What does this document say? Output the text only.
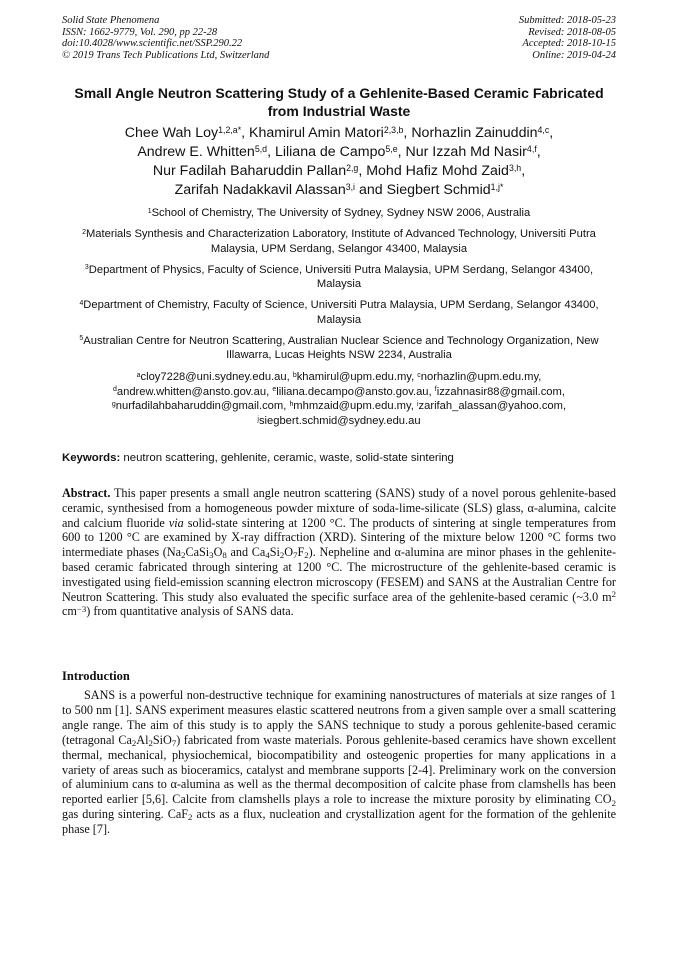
Solid State Phenomena
ISSN: 1662-9779, Vol. 290, pp 22-28
doi:10.4028/www.scientific.net/SSP.290.22
© 2019 Trans Tech Publications Ltd, Switzerland
Submitted: 2018-05-23
Revised: 2018-08-05
Accepted: 2018-10-15
Online: 2019-04-24
Small Angle Neutron Scattering Study of a Gehlenite-Based Ceramic Fabricated from Industrial Waste
Chee Wah Loy$^{1,2,a*}$, Khamirul Amin Matori$^{2,3,b}$, Norhazlin Zainuddin$^{4,c}$,
Andrew E. Whitten$^{5,d}$, Liliana de Campo$^{5,e}$, Nur Izzah Md Nasir$^{4,f}$,
Nur Fadilah Baharuddin Pallan$^{2,g}$, Mohd Hafiz Mohd Zaid$^{3,h}$,
Zarifah Nadakkavil Alassan$^{3,i}$ and Siegbert Schmid$^{1,j*}$
$^1$School of Chemistry, The University of Sydney, Sydney NSW 2006, Australia
$^2$Materials Synthesis and Characterization Laboratory, Institute of Advanced Technology, Universiti Putra Malaysia, UPM Serdang, Selangor 43400, Malaysia
$^3$Department of Physics, Faculty of Science, Universiti Putra Malaysia, UPM Serdang, Selangor 43400, Malaysia
$^4$Department of Chemistry, Faculty of Science, Universiti Putra Malaysia, UPM Serdang, Selangor 43400, Malaysia
$^5$Australian Centre for Neutron Scattering, Australian Nuclear Science and Technology Organization, New Illawarra, Lucas Heights NSW 2234, Australia
$^a$cloy7228@uni.sydney.edu.au, $^b$khamirul@upm.edu.my, $^c$norhazlin@upm.edu.my,
$^d$andrew.whitten@ansto.gov.au, $^e$liliana.decampo@ansto.gov.au, $^f$izzahnasir88@gmail.com,
$^g$nurfadilahbaharuddin@gmail.com, $^h$mhmzaid@upm.edu.my, $^i$zarifah_alassan@yahoo.com,
$^j$siegbert.schmid@sydney.edu.au
Keywords: neutron scattering, gehlenite, ceramic, waste, solid-state sintering
Abstract. This paper presents a small angle neutron scattering (SANS) study of a novel porous gehlenite-based ceramic, synthesised from a homogeneous powder mixture of soda-lime-silicate (SLS) glass, α-alumina, calcite and calcium fluoride via solid-state sintering at 1200 °C. The products of sintering at single temperatures from 600 to 1200 °C are examined by X-ray diffraction (XRD). Sintering of the mixture below 1200 °C forms two intermediate phases ($Na_2CaSi_3O_8$ and $Ca_4Si_2O_7F_2$). Nepheline and α-alumina are minor phases in the gehlenite-based ceramic fabricated through sintering at 1200 °C. The microstructure of the gehlenite-based ceramic is investigated using field-emission scanning electron microscopy (FESEM) and SANS at the Australian Centre for Neutron Scattering. This study also evaluated the specific surface area of the gehlenite-based ceramic (~3.0 $m^2$ $cm^{-3}$) from quantitative analysis of SANS data.
Introduction
SANS is a powerful non-destructive technique for examining nanostructures of materials at size ranges of 1 to 500 nm [1]. SANS experiment measures elastic scattered neutrons from a given sample over a small scattering angle range. The aim of this study is to apply the SANS technique to study a porous gehlenite-based ceramic (tetragonal $Ca_2Al_2SiO_7$) fabricated from waste materials. Porous gehlenite-based ceramics have shown excellent thermal, mechanical, physiochemical, biocompatibility and osteogenic properties for many applications in a variety of areas such as bioceramics, catalyst and membrane supports [2-4]. Preliminary work on the conversion of aluminium cans to α-alumina as well as the thermal decomposition of calcite phase from clamshells has been reported earlier [5,6]. Calcite from clamshells plays a role to increase the mixture porosity by eliminating $CO_2$ gas during sintering. CaF$_2$ acts as a flux, nucleation and crystallization agent for the formation of the gehlenite phase [7].
